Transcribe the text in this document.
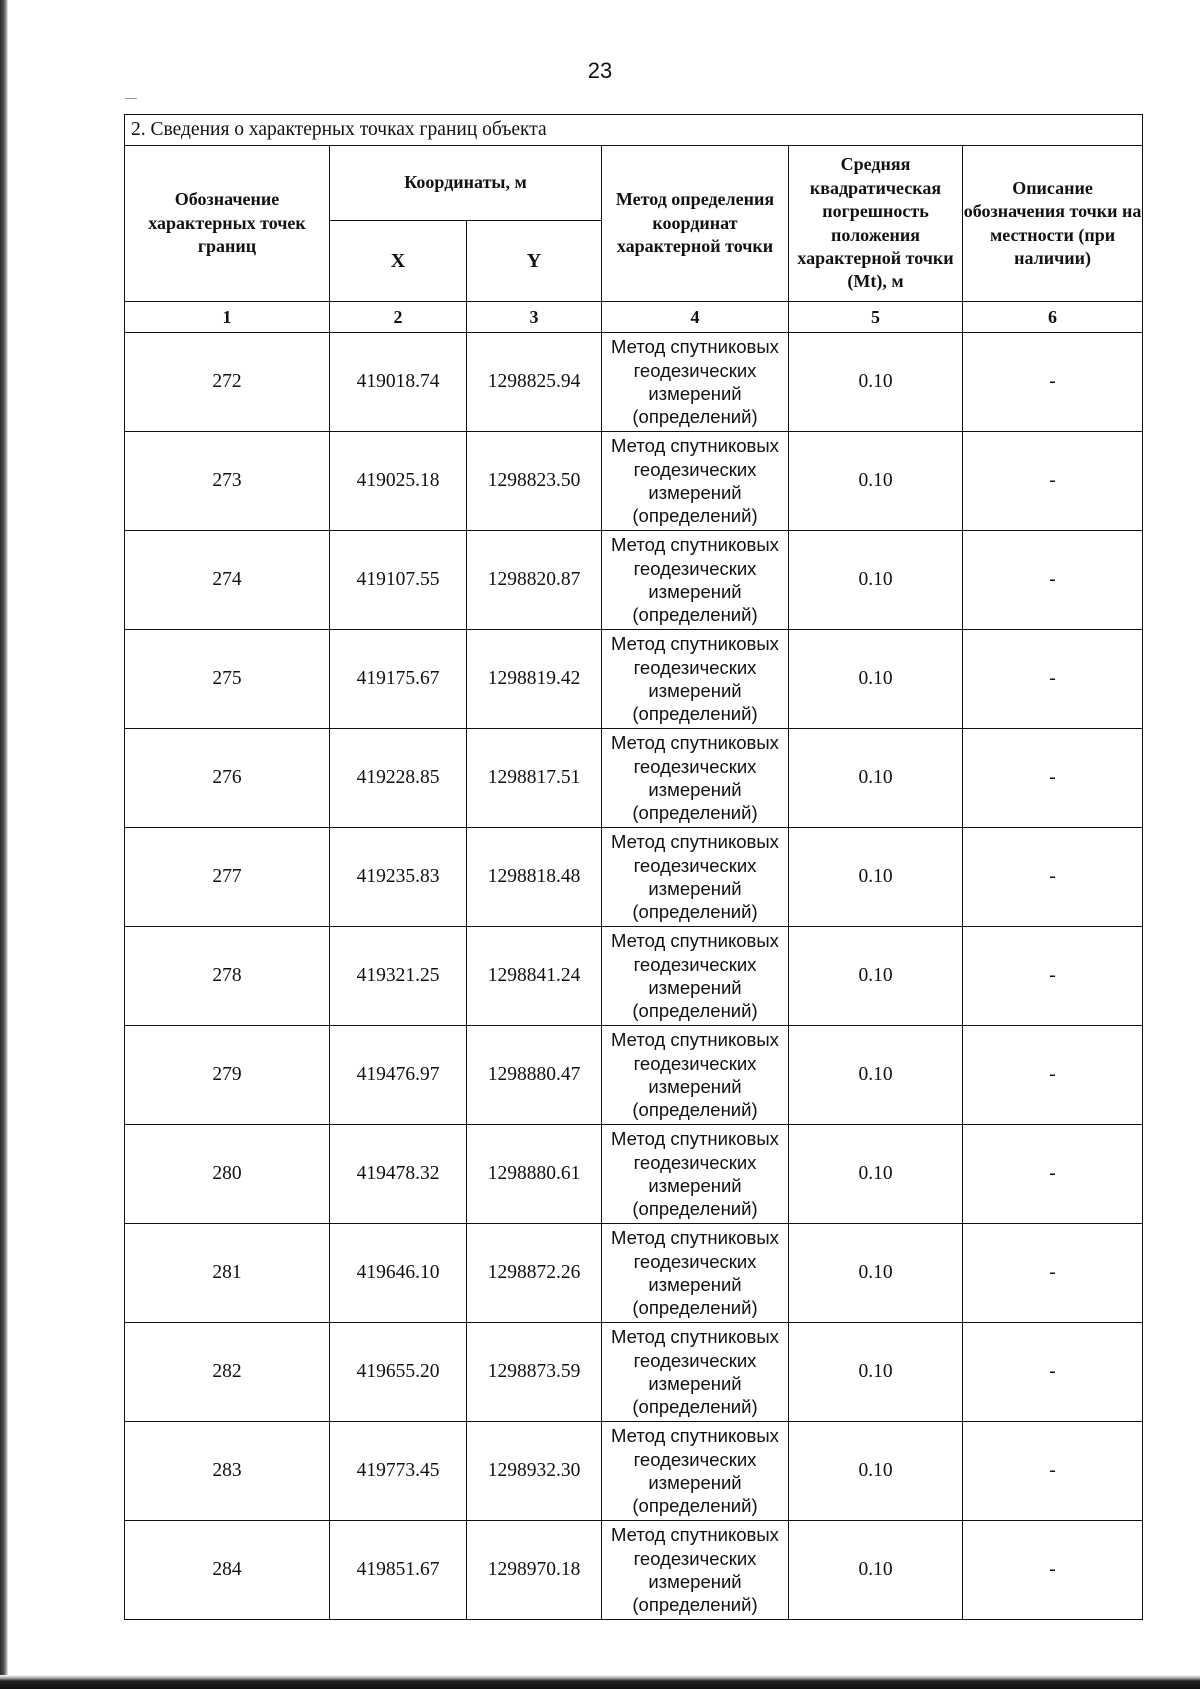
23
2. Сведения о характерных точках границ объекта					
Обозначение характерных точек границ	Координаты, м		Метод определения координат характерной точки	Средняя квадратическая погрешность положения характерной точки (Mt), м	Описание обозначения точки на местности (при наличии)
	X	Y			
1	2	3	4	5	6
272	419018.74	1298825.94	Метод спутниковых геодезических измерений (определений)	0.10	-
273	419025.18	1298823.50	Метод спутниковых геодезических измерений (определений)	0.10	-
274	419107.55	1298820.87	Метод спутниковых геодезических измерений (определений)	0.10	-
275	419175.67	1298819.42	Метод спутниковых геодезических измерений (определений)	0.10	-
276	419228.85	1298817.51	Метод спутниковых геодезических измерений (определений)	0.10	-
277	419235.83	1298818.48	Метод спутниковых геодезических измерений (определений)	0.10	-
278	419321.25	1298841.24	Метод спутниковых геодезических измерений (определений)	0.10	-
279	419476.97	1298880.47	Метод спутниковых геодезических измерений (определений)	0.10	-
280	419478.32	1298880.61	Метод спутниковых геодезических измерений (определений)	0.10	-
281	419646.10	1298872.26	Метод спутниковых геодезических измерений (определений)	0.10	-
282	419655.20	1298873.59	Метод спутниковых геодезических измерений (определений)	0.10	-
283	419773.45	1298932.30	Метод спутниковых геодезических измерений (определений)	0.10	-
284	419851.67	1298970.18	Метод спутниковых геодезических измерений (определений)	0.10	-
